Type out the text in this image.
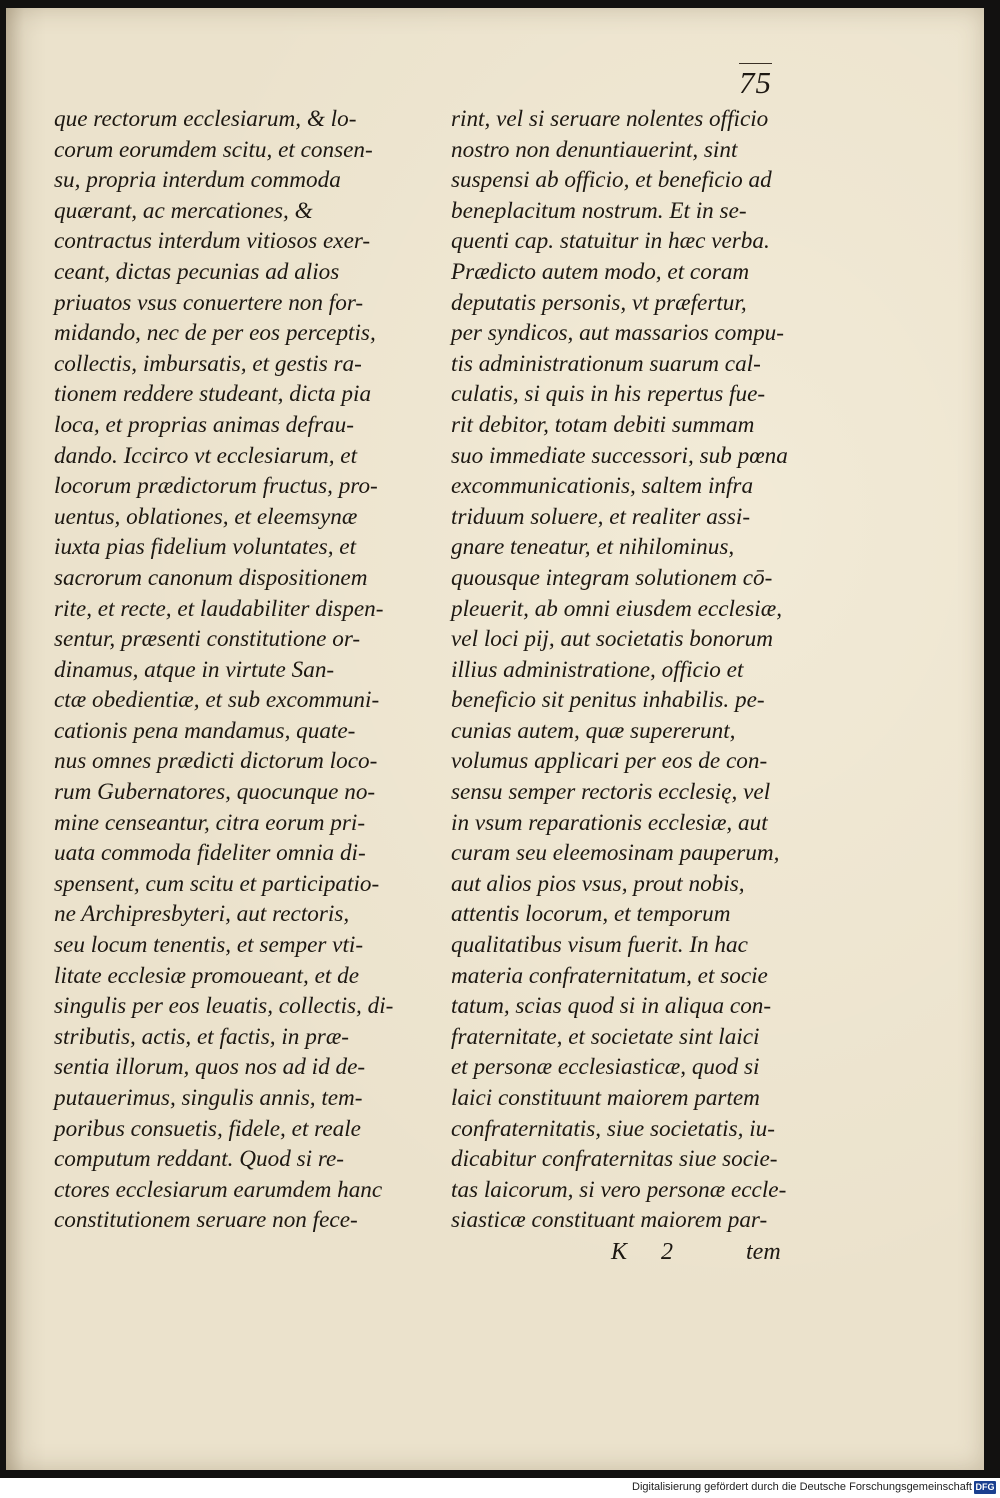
75
que rectorum ecclesiarum, & lo-
corum eorumdem scitu, et consen-
su, propria interdum commoda
quærant, ac mercationes, &
contractus interdum vitiosos exer-
ceant, dictas pecunias ad alios
priuatos vsus conuertere non for-
midando, nec de per eos perceptis,
collectis, imbursatis, et gestis ra-
tionem reddere studeant, dicta pia
loca, et proprias animas defrau-
dando. Iccirco vt ecclesiarum, et
locorum prædictorum fructus, pro-
uentus, oblationes, et eleemsynæ
iuxta pias fidelium voluntates, et
sacrorum canonum dispositionem
rite, et recte, et laudabiliter dispen-
sentur, præsenti constitutione or-
dinamus, atque in virtute San-
ctæ obedientiæ, et sub excommuni-
cationis pena mandamus, quate-
nus omnes prædicti dictorum loco-
rum Gubernatores, quocunque no-
mine censeantur, citra eorum pri-
uata commoda fideliter omnia di-
spensent, cum scitu et participatio-
ne Archipresbyteri, aut rectoris,
seu locum tenentis, et semper vti-
litate ecclesiæ promoueant, et de
singulis per eos leuatis, collectis, di-
stributis, actis, et factis, in præ-
sentia illorum, quos nos ad id de-
putauerimus, singulis annis, tem-
poribus consuetis, fidele, et reale
computum reddant. Quod si re-
ctores ecclesiarum earumdem hanc
constitutionem seruare non fece-
rint, vel si seruare nolentes officio
nostro non denuntiauerint, sint
suspensi ab officio, et beneficio ad
beneplacitum nostrum. Et in se-
quenti cap. statuitur in hæc verba.
Prædicto autem modo, et coram
deputatis personis, vt præfertur,
per syndicos, aut massarios compu-
tis administrationum suarum cal-
culatis, si quis in his repertus fue-
rit debitor, totam debiti summam
suo immediate successori, sub pœna
excommunicationis, saltem infra
triduum soluere, et realiter assi-
gnare teneatur, et nihilominus,
quousque integram solutionem cō-
pleuerit, ab omni eiusdem ecclesiæ,
vel loci pij, aut societatis bonorum
illius administratione, officio et
beneficio sit penitus inhabilis. pe-
cunias autem, quæ supererunt,
volumus applicari per eos de con-
sensu semper rectoris ecclesię, vel
in vsum reparationis ecclesiæ, aut
curam seu eleemosinam pauperum,
aut alios pios vsus, prout nobis,
attentis locorum, et temporum
qualitatibus visum fuerit. In hac
materia confraternitatum, et socie
tatum, scias quod si in aliqua con-
fraternitate, et societate sint laici
et personæ ecclesiasticæ, quod si
laici constituunt maiorem partem
confraternitatis, siue societatis, iu-
dicabitur confraternitas siue socie-
tas laicorum, si vero personæ eccle-
siasticæ constituant maiorem par-
K 2	tem
Digitalisierung gefördert durch die Deutsche Forschungsgemeinschaft DFG
